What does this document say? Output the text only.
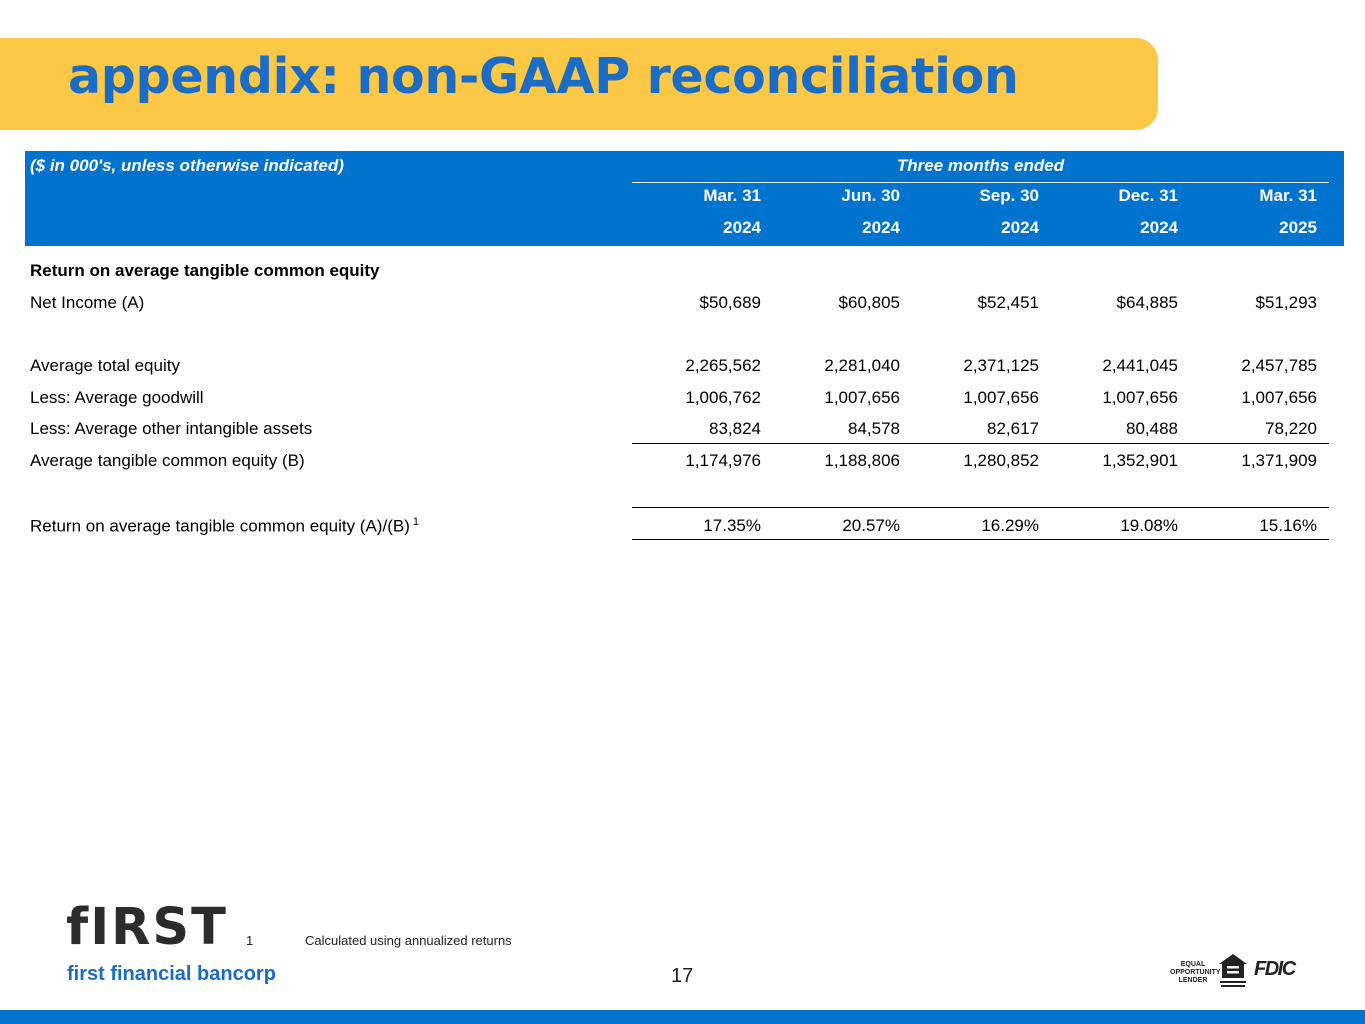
appendix: non-GAAP reconciliation
($ in 000's, unless otherwise indicated)	Three months ended
Mar. 31	Jun. 30	Sep. 30	Dec. 31	Mar. 31
2024	2024	2024	2024	2025
Return on average tangible common equity
Net Income (A)	$50,689	$60,805	$52,451	$64,885	$51,293
Average total equity	2,265,562	2,281,040	2,371,125	2,441,045	2,457,785
Less: Average goodwill	1,006,762	1,007,656	1,007,656	1,007,656	1,007,656
Less: Average other intangible assets	83,824	84,578	82,617	80,488	78,220
Average tangible common equity (B)	1,174,976	1,188,806	1,280,852	1,352,901	1,371,909
Return on average tangible common equity (A)/(B) $^1$	17.35%	20.57%	16.29%	19.08%	15.16%
fIRST
first financial bancorp
1	Calculated using annualized returns
17
EQUAL OPPORTUNITY LENDER
FDIC
